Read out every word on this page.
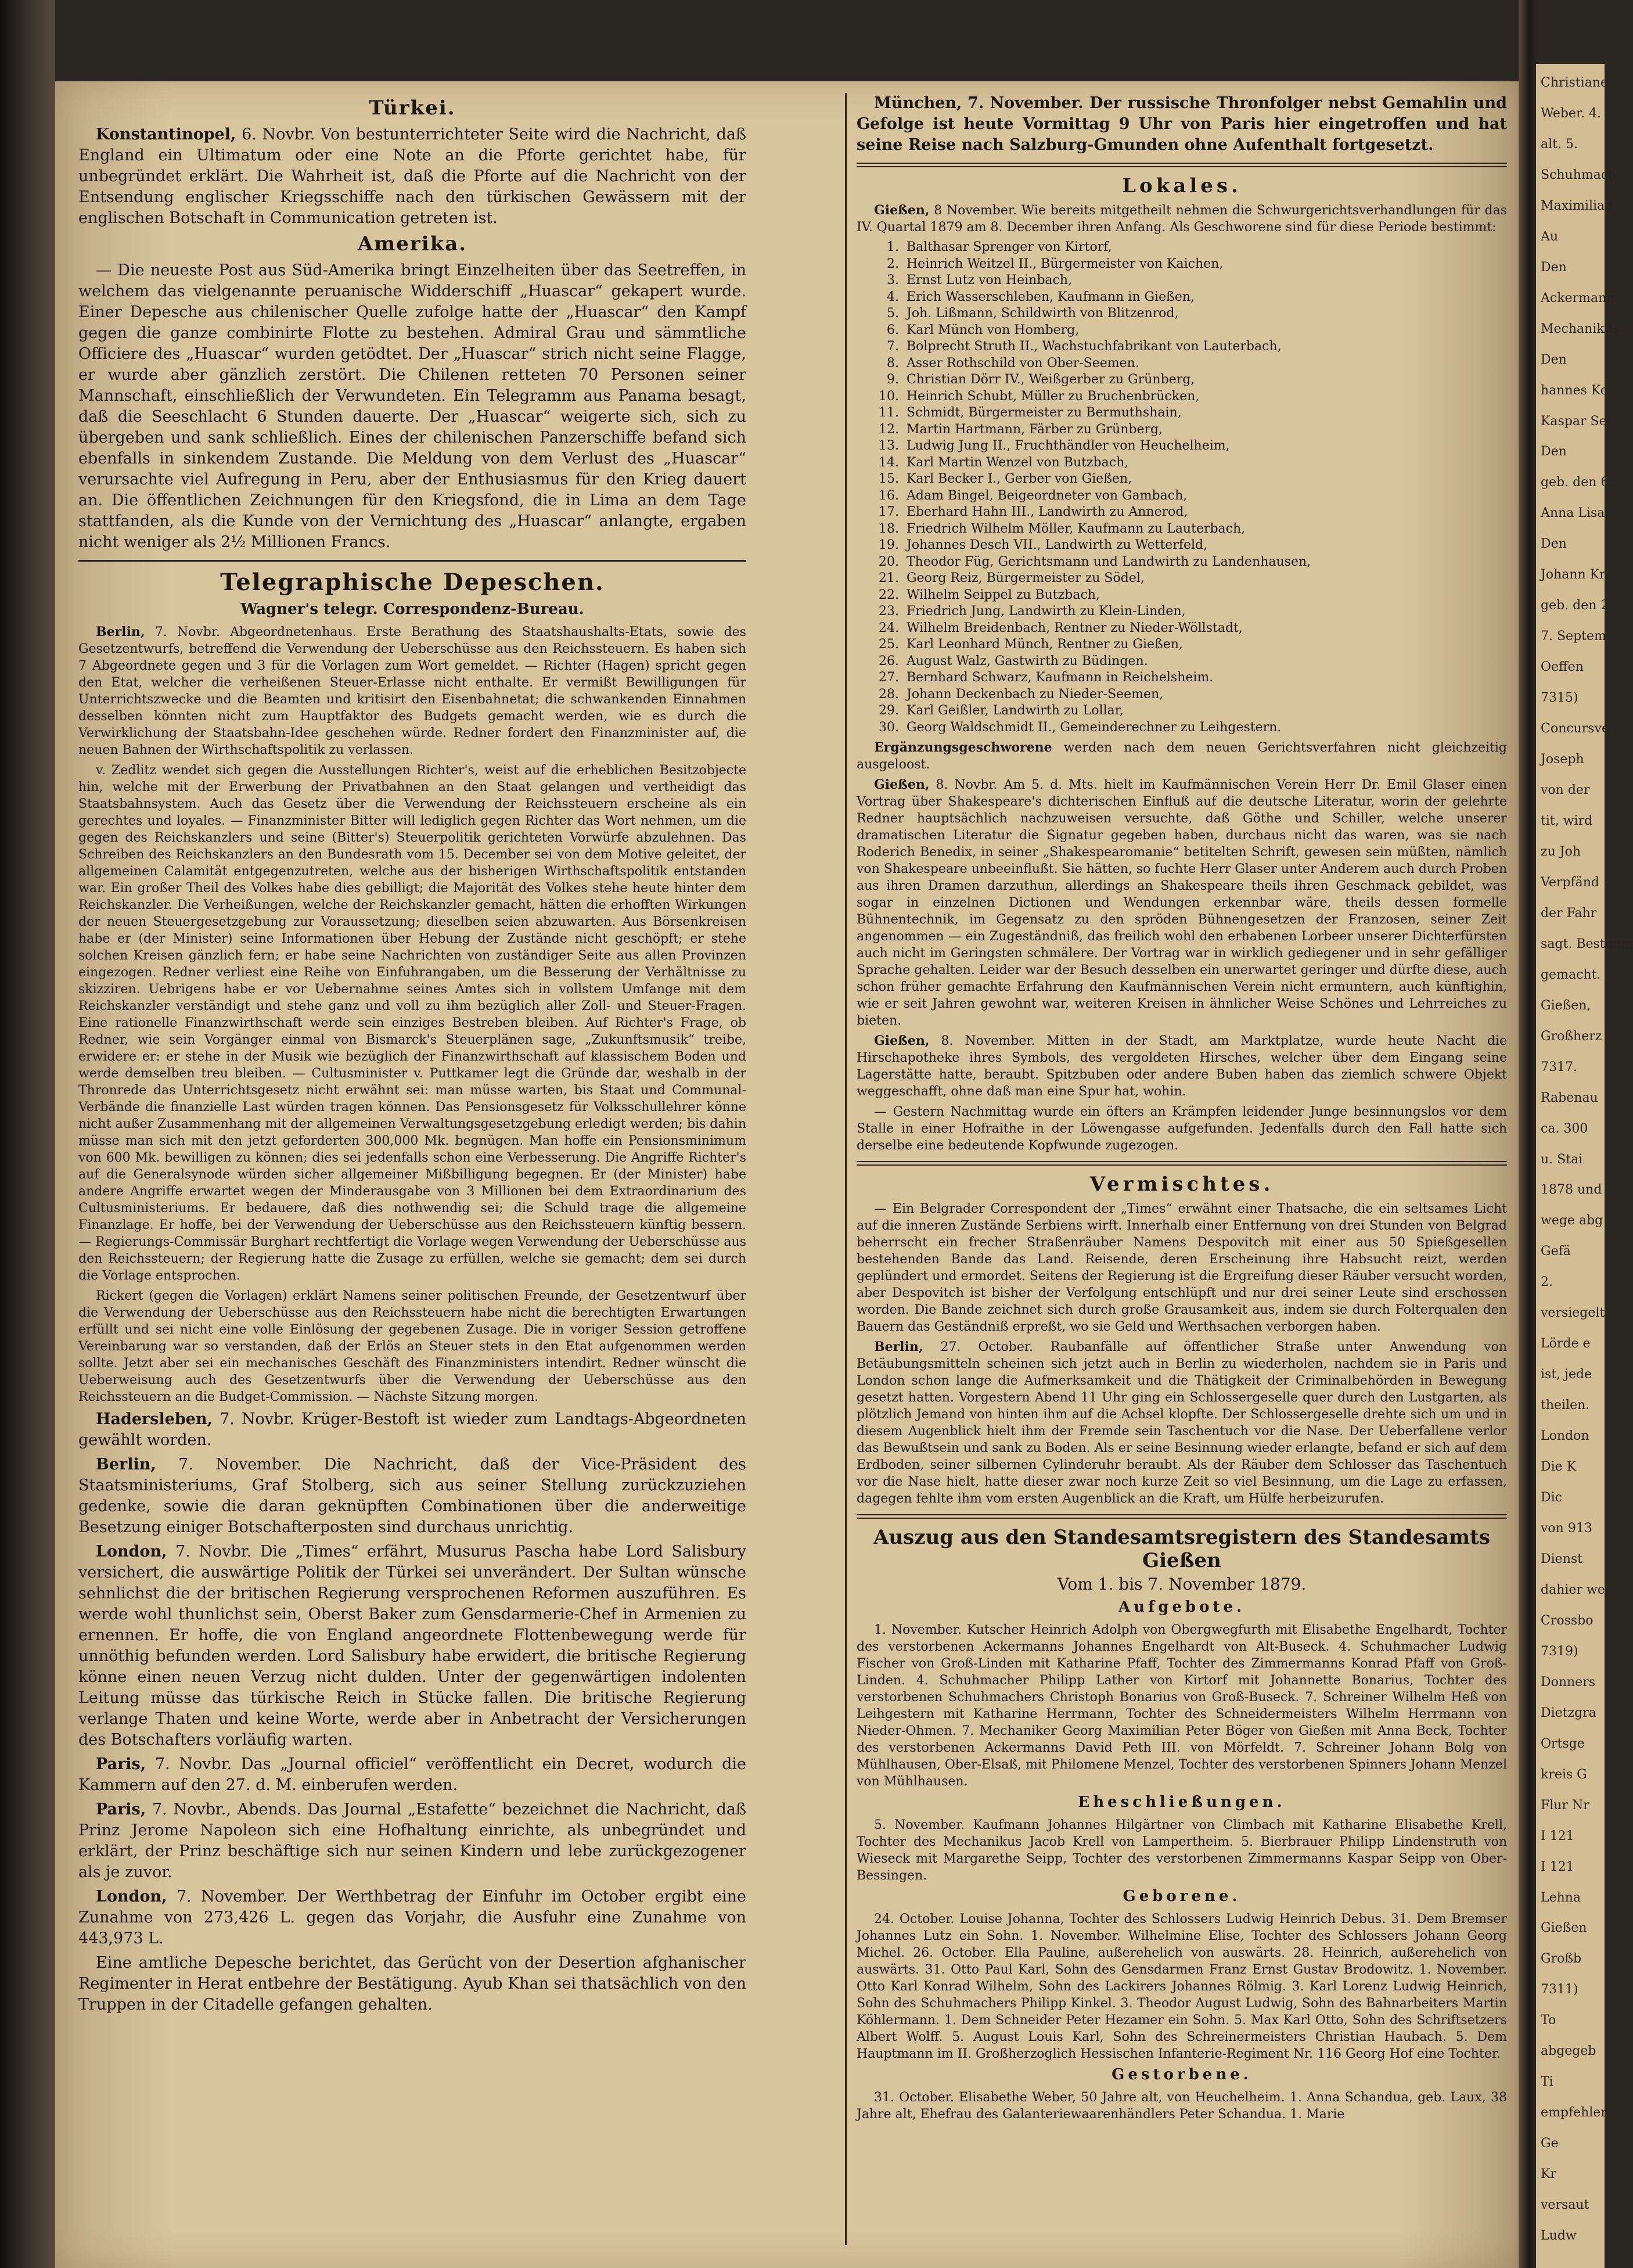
Türkei.

Konstantinopel, 6. Novbr. Von bestunterrichteter Seite wird die Nachricht, daß England ein Ultimatum oder eine Note an die Pforte gerichtet habe, für unbegründet erklärt. Die Wahrheit ist, daß die Pforte auf die Nachricht von der Entsendung englischer Kriegsschiffe nach den türkischen Gewässern mit der englischen Botschaft in Communication getreten ist.

Amerika.

— Die neueste Post aus Süd-Amerika bringt Einzelheiten über das Seetreffen, in welchem das vielgenannte peruanische Widderschiff „Huascar“ gekapert wurde. Einer Depesche aus chilenischer Quelle zufolge hatte der „Huascar“ den Kampf gegen die ganze combinirte Flotte zu bestehen. Admiral Grau und sämmtliche Officiere des „Huascar“ wurden getödtet. Der „Huascar“ strich nicht seine Flagge, er wurde aber gänzlich zerstört. Die Chilenen retteten 70 Personen seiner Mannschaft, einschließlich der Verwundeten. Ein Telegramm aus Panama besagt, daß die Seeschlacht 6 Stunden dauerte. Der „Huascar“ weigerte sich, sich zu übergeben und sank schließlich. Eines der chilenischen Panzerschiffe befand sich ebenfalls in sinkendem Zustande. Die Meldung von dem Verlust des „Huascar“ verursachte viel Aufregung in Peru, aber der Enthusiasmus für den Krieg dauert an. Die öffentlichen Zeichnungen für den Kriegsfond, die in Lima an dem Tage stattfanden, als die Kunde von der Vernichtung des „Huascar“ anlangte, ergaben nicht weniger als 2½ Millionen Francs.

Telegraphische Depeschen.
Wagner's telegr. Correspondenz-Bureau.

Berlin, 7. Novbr. Abgeordnetenhaus. Erste Berathung des Staatshaushalts-Etats, sowie des Gesetzentwurfs, betreffend die Verwendung der Ueberschüsse aus den Reichssteuern. Es haben sich 7 Abgeordnete gegen und 3 für die Vorlagen zum Wort gemeldet. — Richter (Hagen) spricht gegen den Etat, welcher die verheißenen Steuer-Erlasse nicht enthalte. Er vermißt Bewilligungen für Unterrichtszwecke und die Beamten und kritisirt den Eisenbahnetat; die schwankenden Einnahmen desselben könnten nicht zum Hauptfaktor des Budgets gemacht werden, wie es durch die Verwirklichung der Staatsbahn-Idee geschehen würde. Redner fordert den Finanzminister auf, die neuen Bahnen der Wirthschaftspolitik zu verlassen.

v. Zedlitz wendet sich gegen die Ausstellungen Richter's, weist auf die erheblichen Besitzobjecte hin, welche mit der Erwerbung der Privatbahnen an den Staat gelangen und vertheidigt das Staatsbahnsystem. Auch das Gesetz über die Verwendung der Reichssteuern erscheine als ein gerechtes und loyales. — Finanzminister Bitter will lediglich gegen Richter das Wort nehmen, um die gegen des Reichskanzlers und seine (Bitter's) Steuerpolitik gerichteten Vorwürfe abzulehnen. Das Schreiben des Reichskanzlers an den Bundesrath vom 15. December sei von dem Motive geleitet, der allgemeinen Calamität entgegenzutreten, welche aus der bisherigen Wirthschaftspolitik entstanden war. Ein großer Theil des Volkes habe dies gebilligt; die Majorität des Volkes stehe heute hinter dem Reichskanzler. Die Verheißungen, welche der Reichskanzler gemacht, hätten die erhofften Wirkungen der neuen Steuergesetzgebung zur Voraussetzung; dieselben seien abzuwarten. Aus Börsenkreisen habe er (der Minister) seine Informationen über Hebung der Zustände nicht geschöpft; er stehe solchen Kreisen gänzlich fern; er habe seine Nachrichten von zuständiger Seite aus allen Provinzen eingezogen. Redner verliest eine Reihe von Einfuhrangaben, um die Besserung der Verhältnisse zu skizziren. Uebrigens habe er vor Uebernahme seines Amtes sich in vollstem Umfange mit dem Reichskanzler verständigt und stehe ganz und voll zu ihm bezüglich aller Zoll- und Steuer-Fragen. Eine rationelle Finanzwirthschaft werde sein einziges Bestreben bleiben. Auf Richter's Frage, ob Redner, wie sein Vorgänger einmal von Bismarck's Steuerplänen sage, „Zukunftsmusik“ treibe, erwidere er: er stehe in der Musik wie bezüglich der Finanzwirthschaft auf klassischem Boden und werde demselben treu bleiben. — Cultusminister v. Puttkamer legt die Gründe dar, weshalb in der Thronrede das Unterrichtsgesetz nicht erwähnt sei: man müsse warten, bis Staat und Communal-Verbände die finanzielle Last würden tragen können. Das Pensionsgesetz für Volksschullehrer könne nicht außer Zusammenhang mit der allgemeinen Verwaltungsgesetzgebung erledigt werden; bis dahin müsse man sich mit den jetzt geforderten 300,000 Mk. begnügen. Man hoffe ein Pensionsminimum von 600 Mk. bewilligen zu können; dies sei jedenfalls schon eine Verbesserung. Die Angriffe Richter's auf die Generalsynode würden sicher allgemeiner Mißbilligung begegnen. Er (der Minister) habe andere Angriffe erwartet wegen der Minderausgabe von 3 Millionen bei dem Extraordinarium des Cultusministeriums. Er bedauere, daß dies nothwendig sei; die Schuld trage die allgemeine Finanzlage. Er hoffe, bei der Verwendung der Ueberschüsse aus den Reichssteuern künftig bessern. — Regierungs-Commissär Burghart rechtfertigt die Vorlage wegen Verwendung der Ueberschüsse aus den Reichssteuern; der Regierung hatte die Zusage zu erfüllen, welche sie gemacht; dem sei durch die Vorlage entsprochen.

Rickert (gegen die Vorlagen) erklärt Namens seiner politischen Freunde, der Gesetzentwurf über die Verwendung der Ueberschüsse aus den Reichssteuern habe nicht die berechtigten Erwartungen erfüllt und sei nicht eine volle Einlösung der gegebenen Zusage. Die in voriger Session getroffene Vereinbarung war so verstanden, daß der Erlös an Steuer stets in den Etat aufgenommen werden sollte. Jetzt aber sei ein mechanisches Geschäft des Finanzministers intendirt. Redner wünscht die Ueberweisung auch des Gesetzentwurfs über die Verwendung der Ueberschüsse aus den Reichssteuern an die Budget-Commission. — Nächste Sitzung morgen.

Hadersleben, 7. Novbr. Krüger-Bestoft ist wieder zum Landtags-Abgeordneten gewählt worden.

Berlin, 7. November. Die Nachricht, daß der Vice-Präsident des Staatsministeriums, Graf Stolberg, sich aus seiner Stellung zurückzuziehen gedenke, sowie die daran geknüpften Combinationen über die anderweitige Besetzung einiger Botschafterposten sind durchaus unrichtig.

London, 7. Novbr. Die „Times“ erfährt, Musurus Pascha habe Lord Salisbury versichert, die auswärtige Politik der Türkei sei unverändert. Der Sultan wünsche sehnlichst die der britischen Regierung versprochenen Reformen auszuführen. Es werde wohl thunlichst sein, Oberst Baker zum Gensdarmerie-Chef in Armenien zu ernennen. Er hoffe, die von England angeordnete Flottenbewegung werde für unnöthig befunden werden. Lord Salisbury habe erwidert, die britische Regierung könne einen neuen Verzug nicht dulden. Unter der gegenwärtigen indolenten Leitung müsse das türkische Reich in Stücke fallen. Die britische Regierung verlange Thaten und keine Worte, werde aber in Anbetracht der Versicherungen des Botschafters vorläufig warten.

Paris, 7. Novbr. Das „Journal officiel“ veröffentlicht ein Decret, wodurch die Kammern auf den 27. d. M. einberufen werden.

Paris, 7. Novbr., Abends. Das Journal „Estafette“ bezeichnet die Nachricht, daß Prinz Jerome Napoleon sich eine Hofhaltung einrichte, als unbegründet und erklärt, der Prinz beschäftige sich nur seinen Kindern und lebe zurückgezogener als je zuvor.

London, 7. November. Der Werthbetrag der Einfuhr im October ergibt eine Zunahme von 273,426 L. gegen das Vorjahr, die Ausfuhr eine Zunahme von 443,973 L.

Eine amtliche Depesche berichtet, das Gerücht von der Desertion afghanischer Regimenter in Herat entbehre der Bestätigung. Ayub Khan sei thatsächlich von den Truppen in der Citadelle gefangen gehalten.

München, 7. November. Der russische Thronfolger nebst Gemahlin und Gefolge ist heute Vormittag 9 Uhr von Paris hier eingetroffen und hat seine Reise nach Salzburg-Gmunden ohne Aufenthalt fortgesetzt.

Lokales.

Gießen, 8 November. Wie bereits mitgetheilt nehmen die Schwurgerichtsverhandlungen für das IV. Quartal 1879 am 8. December ihren Anfang. Als Geschworene sind für diese Periode bestimmt:

1. Balthasar Sprenger von Kirtorf,
2. Heinrich Weitzel II., Bürgermeister von Kaichen,
3. Ernst Lutz von Heinbach,
4. Erich Wasserschleben, Kaufmann in Gießen,
5. Joh. Lißmann, Schildwirth von Blitzenrod,
6. Karl Münch von Homberg,
7. Bolprecht Struth II., Wachstuchfabrikant von Lauterbach,
8. Asser Rothschild von Ober-Seemen.
9. Christian Dörr IV., Weißgerber zu Grünberg,
10. Heinrich Schubt, Müller zu Bruchenbrücken,
11. Schmidt, Bürgermeister zu Bermuthshain,
12. Martin Hartmann, Färber zu Grünberg,
13. Ludwig Jung II., Fruchthändler von Heuchelheim,
14. Karl Martin Wenzel von Butzbach,
15. Karl Becker I., Gerber von Gießen,
16. Adam Bingel, Beigeordneter von Gambach,
17. Eberhard Hahn III., Landwirth zu Annerod,
18. Friedrich Wilhelm Möller, Kaufmann zu Lauterbach,
19. Johannes Desch VII., Landwirth zu Wetterfeld,
20. Theodor Füg, Gerichtsmann und Landwirth zu Landenhausen,
21. Georg Reiz, Bürgermeister zu Södel,
22. Wilhelm Seippel zu Butzbach,
23. Friedrich Jung, Landwirth zu Klein-Linden,
24. Wilhelm Breidenbach, Rentner zu Nieder-Wöllstadt,
25. Karl Leonhard Münch, Rentner zu Gießen,
26. August Walz, Gastwirth zu Büdingen.
27. Bernhard Schwarz, Kaufmann in Reichelsheim.
28. Johann Deckenbach zu Nieder-Seemen,
29. Karl Geißler, Landwirth zu Lollar,
30. Georg Waldschmidt II., Gemeinderechner zu Leihgestern.

Ergänzungsgeschworene werden nach dem neuen Gerichtsverfahren nicht gleichzeitig ausgeloost.

Gießen, 8. Novbr. Am 5. d. Mts. hielt im Kaufmännischen Verein Herr Dr. Emil Glaser einen Vortrag über Shakespeare's dichterischen Einfluß auf die deutsche Literatur, worin der gelehrte Redner hauptsächlich nachzuweisen versuchte, daß Göthe und Schiller, welche unserer dramatischen Literatur die Signatur gegeben haben, durchaus nicht das waren, was sie nach Roderich Benedix, in seiner „Shakespearomanie“ betitelten Schrift, gewesen sein müßten, nämlich von Shakespeare unbeeinflußt. Sie hätten, so fuchte Herr Glaser unter Anderem auch durch Proben aus ihren Dramen darzuthun, allerdings an Shakespeare theils ihren Geschmack gebildet, was sogar in einzelnen Dictionen und Wendungen erkennbar wäre, theils dessen formelle Bühnentechnik, im Gegensatz zu den spröden Bühnengesetzen der Franzosen, seiner Zeit angenommen — ein Zugeständniß, das freilich wohl den erhabenen Lorbeer unserer Dichterfürsten auch nicht im Geringsten schmälere. Der Vortrag war in wirklich gediegener und in sehr gefälliger Sprache gehalten. Leider war der Besuch desselben ein unerwartet geringer und dürfte diese, auch schon früher gemachte Erfahrung den Kaufmännischen Verein nicht ermuntern, auch künftighin, wie er seit Jahren gewohnt war, weiteren Kreisen in ähnlicher Weise Schönes und Lehrreiches zu bieten.

Gießen, 8. November. Mitten in der Stadt, am Marktplatze, wurde heute Nacht die Hirschapotheke ihres Symbols, des vergoldeten Hirsches, welcher über dem Eingang seine Lagerstätte hatte, beraubt. Spitzbuben oder andere Buben haben das ziemlich schwere Objekt weggeschafft, ohne daß man eine Spur hat, wohin.

— Gestern Nachmittag wurde ein öfters an Krämpfen leidender Junge besinnungslos vor dem Stalle in einer Hofraithe in der Löwengasse aufgefunden. Jedenfalls durch den Fall hatte sich derselbe eine bedeutende Kopfwunde zugezogen.

Vermischtes.

— Ein Belgrader Correspondent der „Times“ erwähnt einer Thatsache, die ein seltsames Licht auf die inneren Zustände Serbiens wirft. Innerhalb einer Entfernung von drei Stunden von Belgrad beherrscht ein frecher Straßenräuber Namens Despovitch mit einer aus 50 Spießgesellen bestehenden Bande das Land. Reisende, deren Erscheinung ihre Habsucht reizt, werden geplündert und ermordet. Seitens der Regierung ist die Ergreifung dieser Räuber versucht worden, aber Despovitch ist bisher der Verfolgung entschlüpft und nur drei seiner Leute sind erschossen worden. Die Bande zeichnet sich durch große Grausamkeit aus, indem sie durch Folterqualen den Bauern das Geständniß erpreßt, wo sie Geld und Werthsachen verborgen haben.

Berlin, 27. October. Raubanfälle auf öffentlicher Straße unter Anwendung von Betäubungsmitteln scheinen sich jetzt auch in Berlin zu wiederholen, nachdem sie in Paris und London schon lange die Aufmerksamkeit und die Thätigkeit der Criminalbehörden in Bewegung gesetzt hatten. Vorgestern Abend 11 Uhr ging ein Schlossergeselle quer durch den Lustgarten, als plötzlich Jemand von hinten ihm auf die Achsel klopfte. Der Schlossergeselle drehte sich um und in diesem Augenblick hielt ihm der Fremde sein Taschentuch vor die Nase. Der Ueberfallene verlor das Bewußtsein und sank zu Boden. Als er seine Besinnung wieder erlangte, befand er sich auf dem Erdboden, seiner silbernen Cylinderuhr beraubt. Als der Räuber dem Schlosser das Taschentuch vor die Nase hielt, hatte dieser zwar noch kurze Zeit so viel Besinnung, um die Lage zu erfassen, dagegen fehlte ihm vom ersten Augenblick an die Kraft, um Hülfe herbeizurufen.

Auszug aus den Standesamtsregistern des Standesamts Gießen
Vom 1. bis 7. November 1879.
Aufgebote.

1. November. Kutscher Heinrich Adolph von Obergwegfurth mit Elisabethe Engelhardt, Tochter des verstorbenen Ackermanns Johannes Engelhardt von Alt-Buseck. 4. Schuhmacher Ludwig Fischer von Groß-Linden mit Katharine Pfaff, Tochter des Zimmermanns Konrad Pfaff von Groß-Linden. 4. Schuhmacher Philipp Lather von Kirtorf mit Johannette Bonarius, Tochter des verstorbenen Schuhmachers Christoph Bonarius von Groß-Buseck. 7. Schreiner Wilhelm Heß von Leihgestern mit Katharine Herrmann, Tochter des Schneidermeisters Wilhelm Herrmann von Nieder-Ohmen. 7. Mechaniker Georg Maximilian Peter Böger von Gießen mit Anna Beck, Tochter des verstorbenen Ackermanns David Peth III. von Mörfeldt. 7. Schreiner Johann Bolg von Mühlhausen, Ober-Elsaß, mit Philomene Menzel, Tochter des verstorbenen Spinners Johann Menzel von Mühlhausen.

Eheschließungen.

5. November. Kaufmann Johannes Hilgärtner von Climbach mit Katharine Elisabethe Krell, Tochter des Mechanikus Jacob Krell von Lampertheim. 5. Bierbrauer Philipp Lindenstruth von Wieseck mit Margarethe Seipp, Tochter des verstorbenen Zimmermanns Kaspar Seipp von Ober-Bessingen.

Geborene.

24. October. Louise Johanna, Tochter des Schlossers Ludwig Heinrich Debus. 31. Dem Bremser Johannes Lutz ein Sohn. 1. November. Wilhelmine Elise, Tochter des Schlossers Johann Georg Michel. 26. October. Ella Pauline, außerehelich von auswärts. 28. Heinrich, außerehelich von auswärts. 31. Otto Paul Karl, Sohn des Gensdarmen Franz Ernst Gustav Brodowitz. 1. November. Otto Karl Konrad Wilhelm, Sohn des Lackirers Johannes Rölmig. 3. Karl Lorenz Ludwig Heinrich, Sohn des Schuhmachers Philipp Kinkel. 3. Theodor August Ludwig, Sohn des Bahnarbeiters Martin Köhlermann. 1. Dem Schneider Peter Hezamer ein Sohn. 5. Max Karl Otto, Sohn des Schriftsetzers Albert Wolff. 5. August Louis Karl, Sohn des Schreinermeisters Christian Haubach. 5. Dem Hauptmann im II. Großherzoglich Hessischen Infanterie-Regiment Nr. 116 Georg Hof eine Tochter.

Gestorbene.

31. October. Elisabethe Weber, 50 Jahre alt, von Heuchelheim. 1. Anna Schandua, geb. Laux, 38 Jahre alt, Ehefrau des Galanteriewaarenhändlers Peter Schandua. 1. Marie

Christiane
Weber. 4.
alt. 5.
Schuhmach
Maximilian
Au
Den
Ackermann
Mechanikus
Den
hannes Ko
Kaspar Sei
Den
geb. den 6.
Anna Lisa
Den
Johann Kr
geb. den 2
7. Septem
Oeffen
7315)
Concursve
Joseph
von der
tit, wird
zu Joh
Verpfänd
der Fahr
sagt. Bestimm
gemacht.
Gießen,
Großherz
7317.
Rabenau
ca. 300
u. Stai
1878 und
wege abg
Gefä
2.
versiegelt
Lörde e
ist, jede
theilen.
London
Die K
Dic
von 913
Dienst
dahier wer
Crossbo
7319)
Donners
Dietzgra
Ortsge
kreis G
Flur Nr
I 121
I 121
Lehna
Gießen
Großb
7311)
To
abgegeb
Ti
empfehlen
Ge
Kr
versaut
Ludw
